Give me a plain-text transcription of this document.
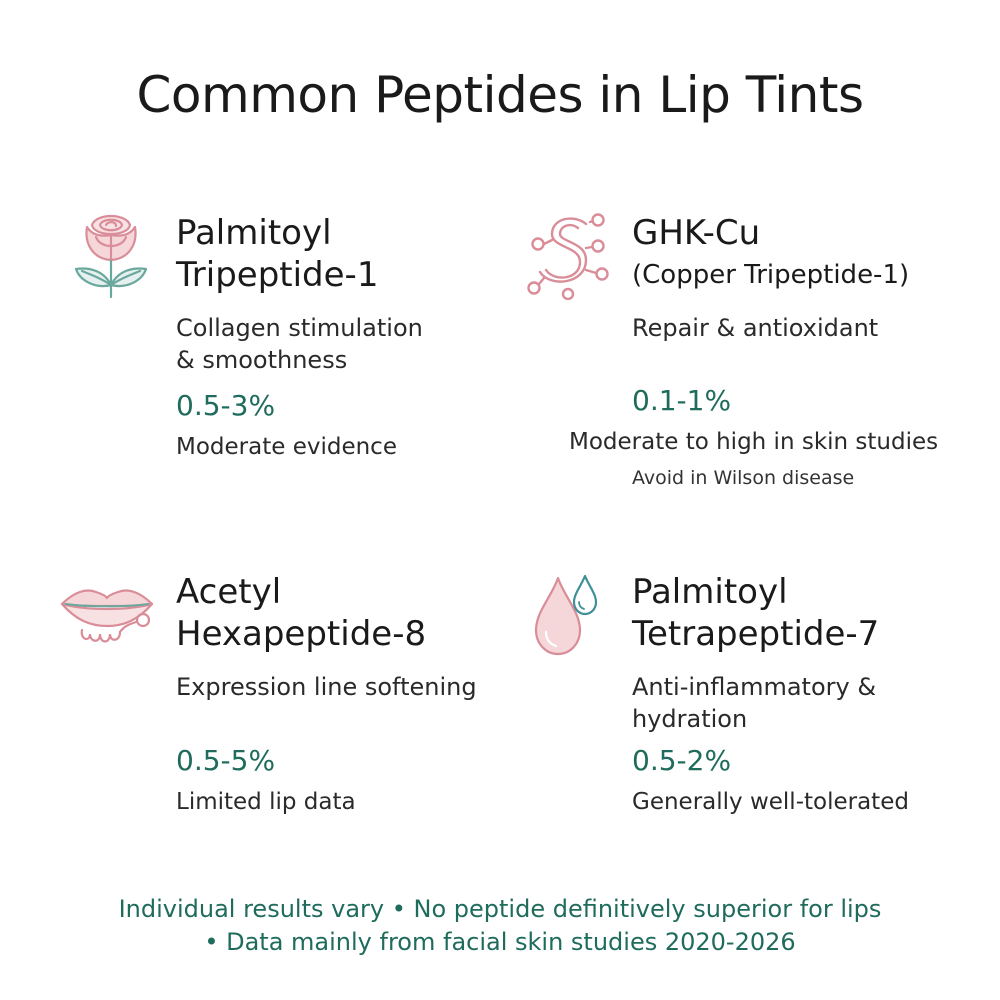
Common Peptides in Lip Tints
Palmitoyl
Tripeptide-1
Collagen stimulation
& smoothness
0.5-3%
Moderate evidence
GHK-Cu
(Copper Tripeptide-1)
Repair & antioxidant
0.1-1%
Moderate to high in skin studies
Avoid in Wilson disease
Acetyl
Hexapeptide-8
Expression line softening
0.5-5%
Limited lip data
Palmitoyl
Tetrapeptide-7
Anti-inflammatory &
hydration
0.5-2%
Generally well-tolerated
Individual results vary • No peptide definitively superior for lips
• Data mainly from facial skin studies 2020-2026
